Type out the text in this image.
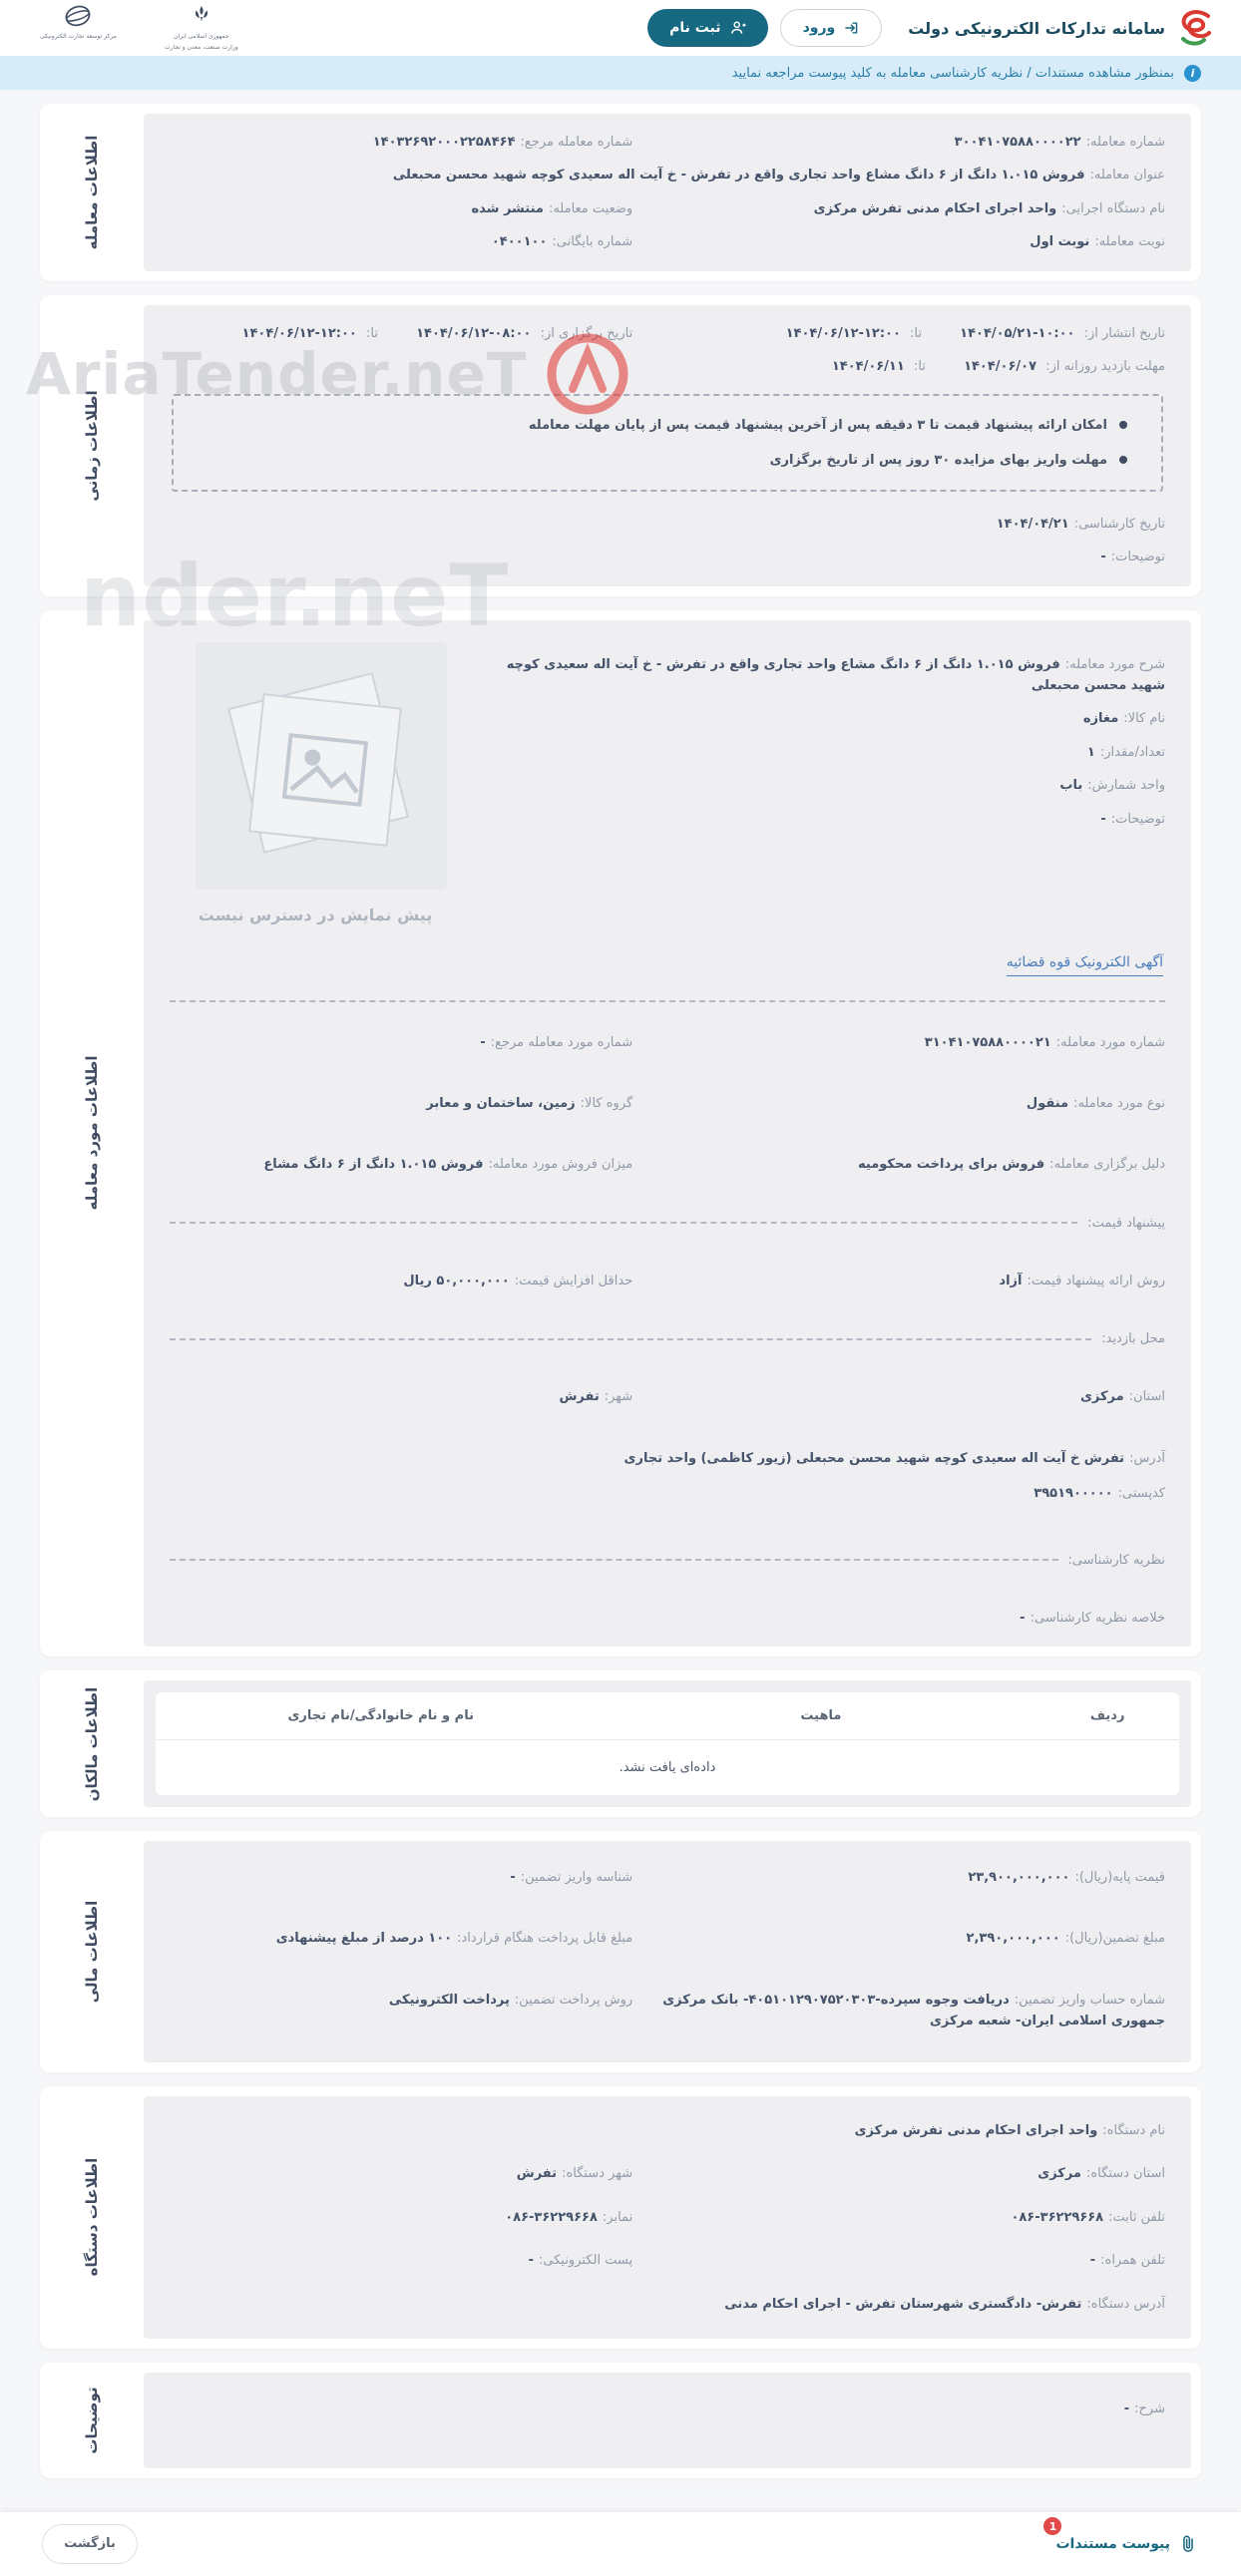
سامانه تدارکات الکترونیکی دولت
ورود
ثبت نام
جمهوری اسلامی ایران
وزارت صنعت، معدن و تجارت
مرکز توسعه تجارت الکترونیکی
i
بمنظور مشاهده مستندات / نظریه کارشناسی معامله به کلید پیوست مراجعه نمایید
AriaTender.neT
nder.neT
شماره معامله:۳۰۰۴۱۰۷۵۸۸۰۰۰۰۲۲
شماره معامله مرجع:۱۴۰۳۲۶۹۲۰۰۰۲۲۵۸۴۶۴
عنوان معامله:فروش ۱.۰۱۵ دانگ از ۶ دانگ مشاع واحد تجاری واقع در تفرش - خ آیت اله سعیدی کوچه شهید محسن محبعلی
نام دستگاه اجرایی:واحد اجرای احکام مدنی تفرش مرکزی
وضعیت معامله:منتشر شده
نوبت معامله:نوبت اول
شماره بایگانی:۰۴۰۰۱۰۰
اطلاعات معامله
تاریخ انتشار از: ۱۴۰۴/۰۵/۲۱-۱۰:۰۰ تا: ۱۴۰۴/۰۶/۱۲-۱۲:۰۰
تاریخ برگزاری از: ۱۴۰۴/۰۶/۱۲-۰۸:۰۰ تا: ۱۴۰۴/۰۶/۱۲-۱۲:۰۰
مهلت بازدید روزانه از: ۱۴۰۴/۰۶/۰۷ تا: ۱۴۰۴/۰۶/۱۱
امکان ارائه پیشنهاد قیمت تا ۳ دقیقه پس از آخرین پیشنهاد قیمت پس از پایان مهلت معامله
مهلت واریز بهای مزایده ۳۰ روز پس از تاریخ برگزاری
تاریخ کارشناسی:۱۴۰۴/۰۴/۲۱
توضیحات:-
اطلاعات زمانی
شرح مورد معامله:فروش ۱.۰۱۵ دانگ از ۶ دانگ مشاع واحد تجاری واقع در تفرش - خ آیت اله سعیدی کوچه شهید محسن محبعلی
نام کالا:مغازه
تعداد/مقدار:۱
واحد شمارش:باب
توضیحات:-
پیش نمایش در دسترس نیست
آگهی الکترونیک قوه قضائیه
شماره مورد معامله:۳۱۰۴۱۰۷۵۸۸۰۰۰۰۲۱
شماره مورد معامله مرجع:-
نوع مورد معامله:منقول
گروه کالا:زمین، ساختمان و معابر
دلیل برگزاری معامله:فروش برای پرداخت محکومیه
میزان فروش مورد معامله:فروش ۱.۰۱۵ دانگ از ۶ دانگ مشاع
پیشنهاد قیمت:
روش ارائه پیشنهاد قیمت:آزاد
حداقل افزایش قیمت:۵۰,۰۰۰,۰۰۰ ریال
محل بازدید:
استان:مرکزی
شهر:تفرش
آدرس:تفرش خ آیت اله سعیدی کوچه شهید محسن محبعلی (زیور کاظمی) واحد تجاری
کدپستی:۳۹۵۱۹۰۰۰۰۰
نظریه کارشناسی:
خلاصه نظریه کارشناسی:-
اطلاعات مورد معامله
ردیف	ماهیت	نام و نام خانوادگی/نام تجاری
داده‌ای یافت نشد.
اطلاعات مالکان
قیمت پایه(ریال):۲۳,۹۰۰,۰۰۰,۰۰۰
شناسه واریز تضمین:-
مبلغ تضمین(ریال):۲,۳۹۰,۰۰۰,۰۰۰
مبلغ قابل پرداخت هنگام قرارداد:۱۰۰ درصد از مبلغ پیشنهادی
شماره حساب واریز تضمین:دریافت وجوه سپرده-۴۰۵۱۰۱۲۹۰۷۵۲۰۳۰۳- بانک مرکزی جمهوری اسلامی ایران- شعبه مرکزی
روش پرداخت تضمین:پرداخت الکترونیکی
اطلاعات مالی
نام دستگاه:واحد اجرای احکام مدنی تفرش مرکزی
استان دستگاه:مرکزی
شهر دستگاه:تفرش
تلفن ثابت:۰۸۶-۳۶۲۲۹۶۶۸
نمابر:۰۸۶-۳۶۲۲۹۶۶۸
تلفن همراه:-
پست الکترونیکی:-
آدرس دستگاه:تفرش- دادگستری شهرستان تفرش - اجرای احکام مدنی
اطلاعات دستگاه
شرح:-
توضیحات
1
پیوست مستندات
بازگشت
